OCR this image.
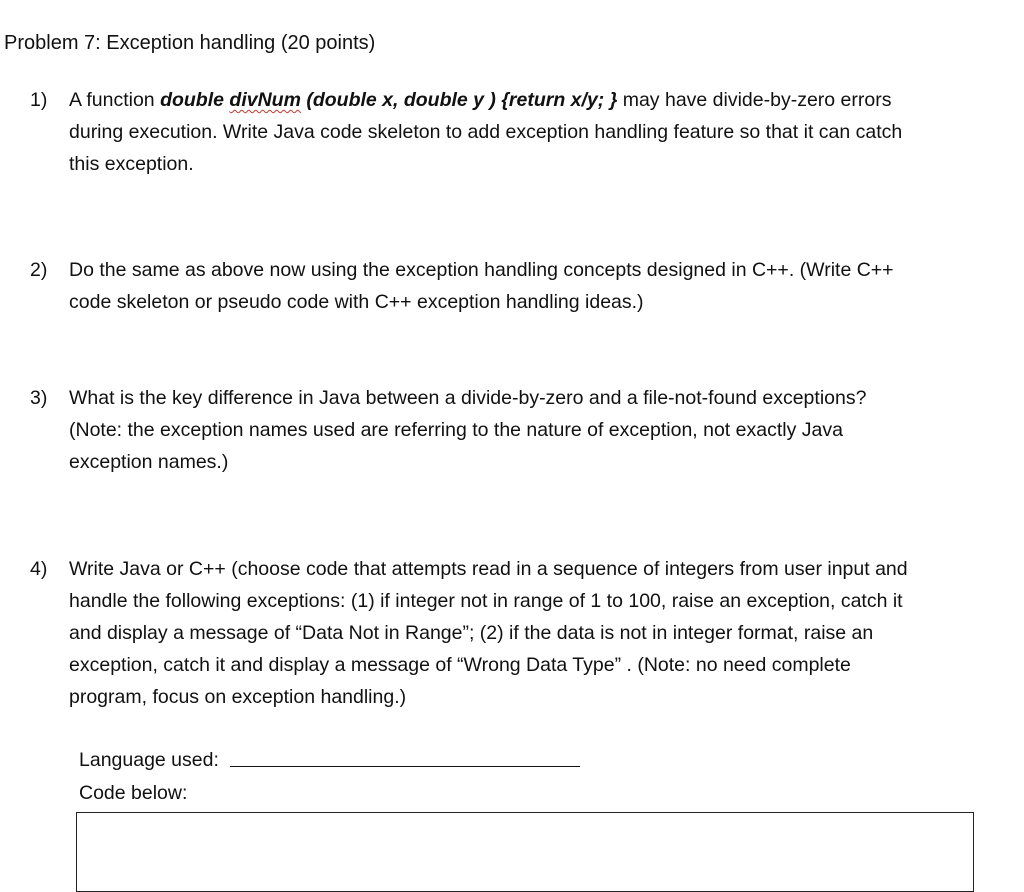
Problem 7: Exception handling (20 points)
1) A function double divNum (double x, double y ) {return x/y; } may have divide-by-zero errors
during execution. Write Java code skeleton to add exception handling feature so that it can catch
this exception.
2) Do the same as above now using the exception handling concepts designed in C++. (Write C++
code skeleton or pseudo code with C++ exception handling ideas.)
3) What is the key difference in Java between a divide-by-zero and a file-not-found exceptions?
(Note: the exception names used are referring to the nature of exception, not exactly Java
exception names.)
4) Write Java or C++ (choose code that attempts read in a sequence of integers from user input and
handle the following exceptions: (1) if integer not in range of 1 to 100, raise an exception, catch it
and display a message of “Data Not in Range”; (2) if the data is not in integer format, raise an
exception, catch it and display a message of “Wrong Data Type” . (Note: no need complete
program, focus on exception handling.)
Language used:
Code below:
